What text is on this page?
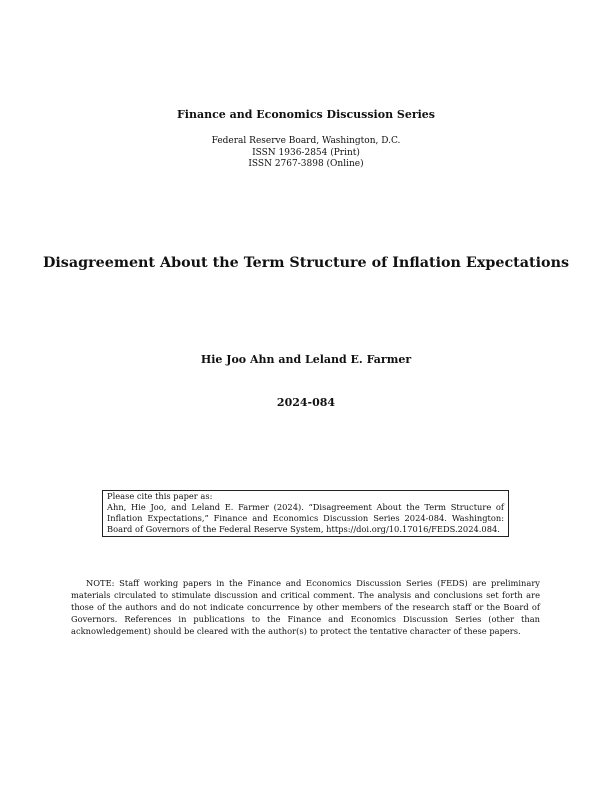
Finance and Economics Discussion Series
Federal Reserve Board, Washington, D.C.
ISSN 1936-2854 (Print)
ISSN 2767-3898 (Online)
Disagreement About the Term Structure of Inflation Expectations
Hie Joo Ahn and Leland E. Farmer
2024-084
Please cite this paper as:
Ahn, Hie Joo, and Leland E. Farmer (2024). “Disagreement About the Term Structure of Inflation Expectations,” Finance and Economics Discussion Series 2024-084. Washington: Board of Governors of the Federal Reserve System, https://doi.org/10.17016/FEDS.2024.084.
NOTE: Staff working papers in the Finance and Economics Discussion Series (FEDS) are preliminary materials circulated to stimulate discussion and critical comment. The analysis and conclusions set forth are those of the authors and do not indicate concurrence by other members of the research staff or the Board of Governors. References in publications to the Finance and Economics Discussion Series (other than acknowledgement) should be cleared with the author(s) to protect the tentative character of these papers.
